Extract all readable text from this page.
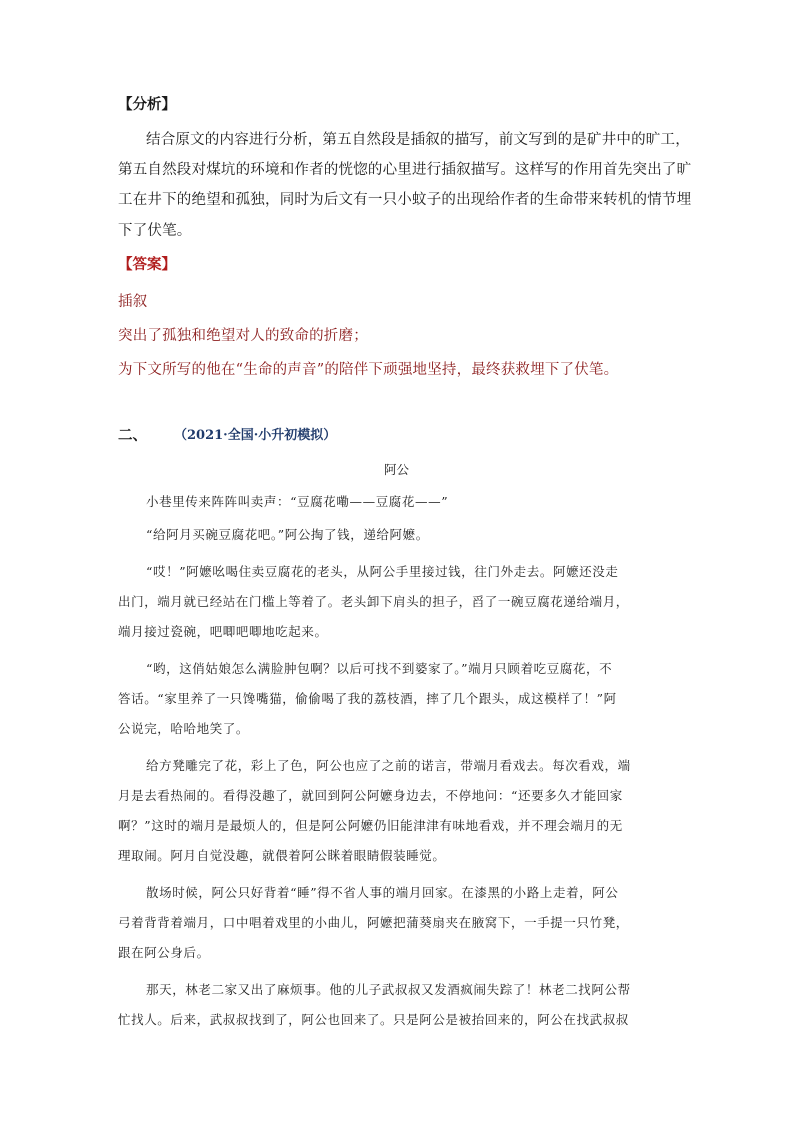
【分析】
结合原文的内容进行分析，第五自然段是插叙的描写，前文写到的是矿井中的旷工，
第五自然段对煤坑的环境和作者的恍惚的心里进行插叙描写。这样写的作用首先突出了旷
工在井下的绝望和孤独，同时为后文有一只小蚊子的出现给作者的生命带来转机的情节埋
下了伏笔。
【答案】
插叙
突出了孤独和绝望对人的致命的折磨；
为下文所写的他在“生命的声音”的陪伴下顽强地坚持，最终获救埋下了伏笔。
二、 （2021·全国·小升初模拟）
阿公
小巷里传来阵阵叫卖声：“豆腐花嘞——豆腐花——”
“给阿月买碗豆腐花吧。”阿公掏了钱，递给阿嬷。
“哎！”阿嬷吆喝住卖豆腐花的老头，从阿公手里接过钱，往门外走去。阿嬷还没走
出门，端月就已经站在门槛上等着了。老头卸下肩头的担子，舀了一碗豆腐花递给端月，
端月接过瓷碗，吧唧吧唧地吃起来。
“哟，这俏姑娘怎么满脸肿包啊？以后可找不到婆家了。”端月只顾着吃豆腐花，不
答话。“家里养了一只馋嘴猫，偷偷喝了我的荔枝酒，摔了几个跟头，成这模样了！”阿
公说完，哈哈地笑了。
给方凳雕完了花，彩上了色，阿公也应了之前的诺言，带端月看戏去。每次看戏，端
月是去看热闹的。看得没趣了，就回到阿公阿嬷身边去，不停地问：“还要多久才能回家
啊？”这时的端月是最烦人的，但是阿公阿嬷仍旧能津津有味地看戏，并不理会端月的无
理取闹。阿月自觉没趣，就偎着阿公眯着眼睛假装睡觉。
散场时候，阿公只好背着“睡”得不省人事的端月回家。在漆黑的小路上走着，阿公
弓着背背着端月，口中唱着戏里的小曲儿，阿嬷把蒲葵扇夹在腋窝下，一手提一只竹凳，
跟在阿公身后。
那天，林老二家又出了麻烦事。他的儿子武叔叔又发酒疯闹失踪了！林老二找阿公帮
忙找人。后来，武叔叔找到了，阿公也回来了。只是阿公是被抬回来的，阿公在找武叔叔
